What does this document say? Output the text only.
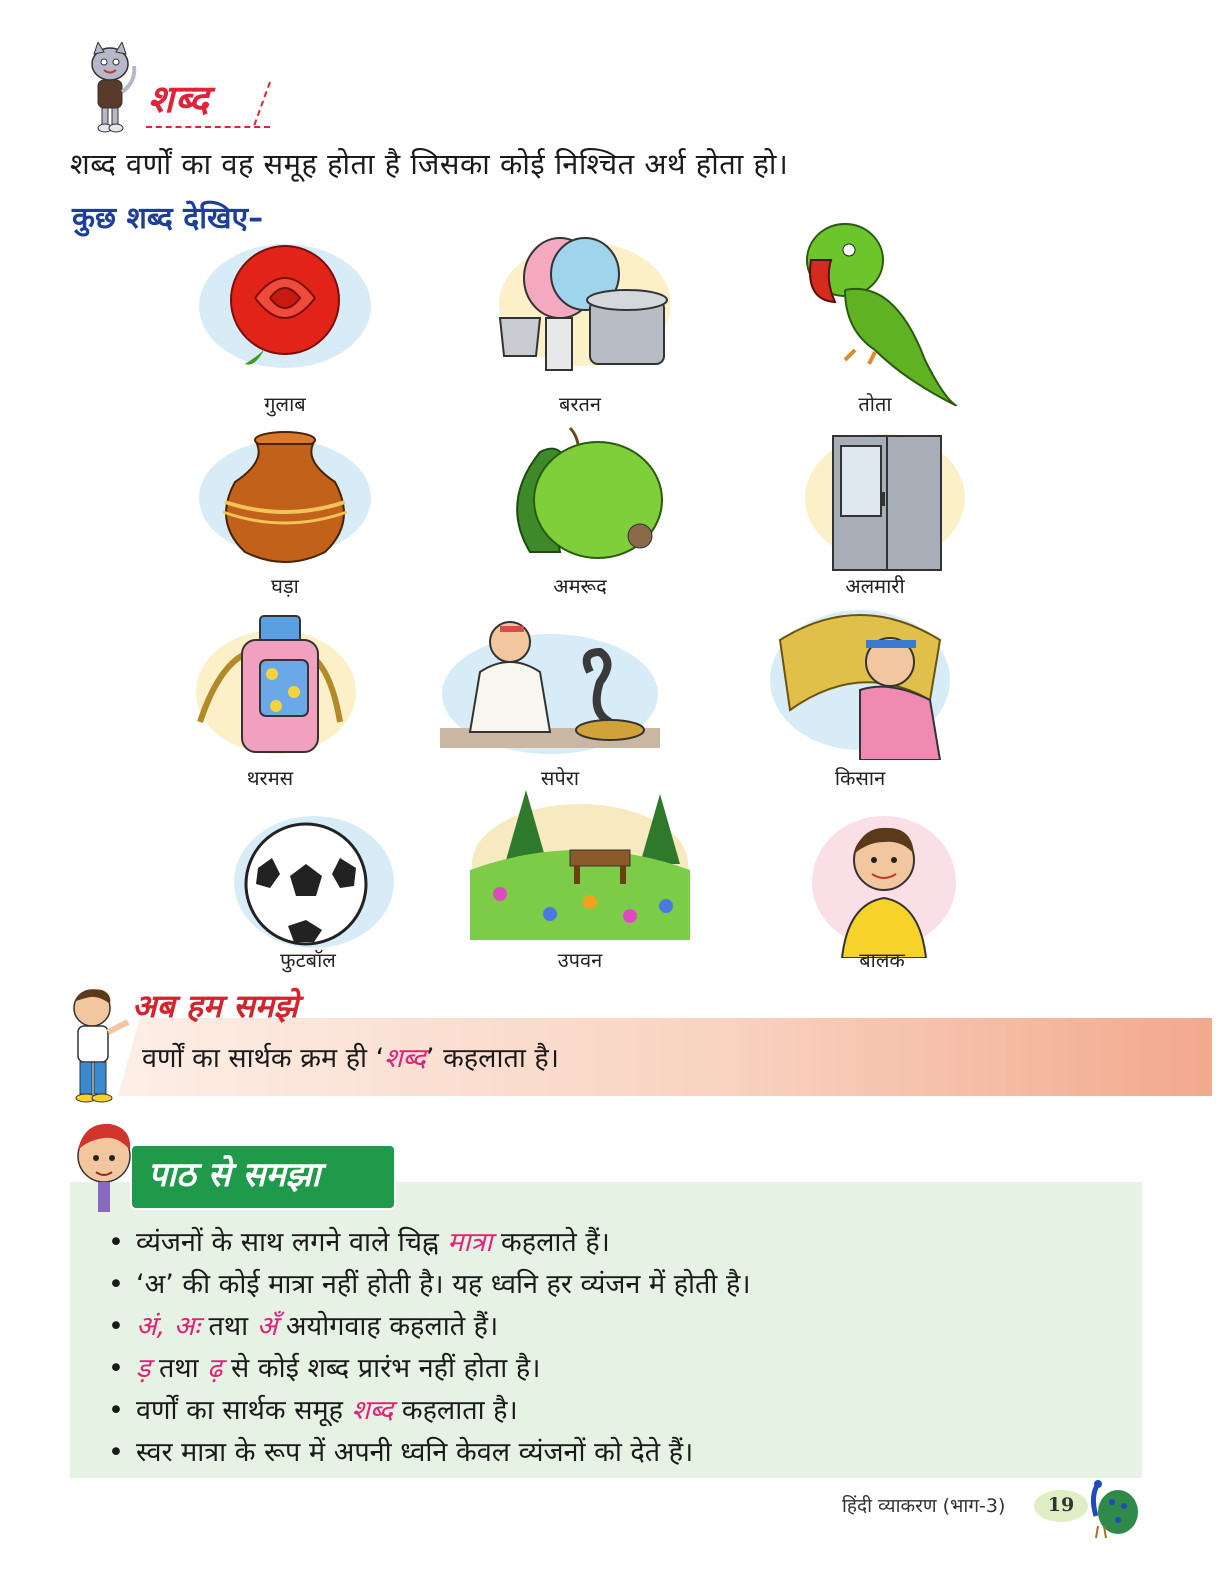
शब्द
शब्द वर्णों का वह समूह होता है जिसका कोई निश्चित अर्थ होता हो।
कुछ शब्द देखिए–
गुलाब	बरतन	तोता
घड़ा	अमरूद	अलमारी
थरमस	सपेरा	किसान
फुटबॉल	उपवन	बालक
अब हम समझे
वर्णों का सार्थक क्रम ही ‘शब्द’ कहलाता है।
पाठ से समझा
• व्यंजनों के साथ लगने वाले चिह्न मात्रा कहलाते हैं।
• ‘अ’ की कोई मात्रा नहीं होती है। यह ध्वनि हर व्यंजन में होती है।
• अं, अः तथा अँ अयोगवाह कहलाते हैं।
• ड़ तथा ढ़ से कोई शब्द प्रारंभ नहीं होता है।
• वर्णों का सार्थक समूह शब्द कहलाता है।
• स्वर मात्रा के रूप में अपनी ध्वनि केवल व्यंजनों को देते हैं।
हिंदी व्याकरण (भाग-3)	19
